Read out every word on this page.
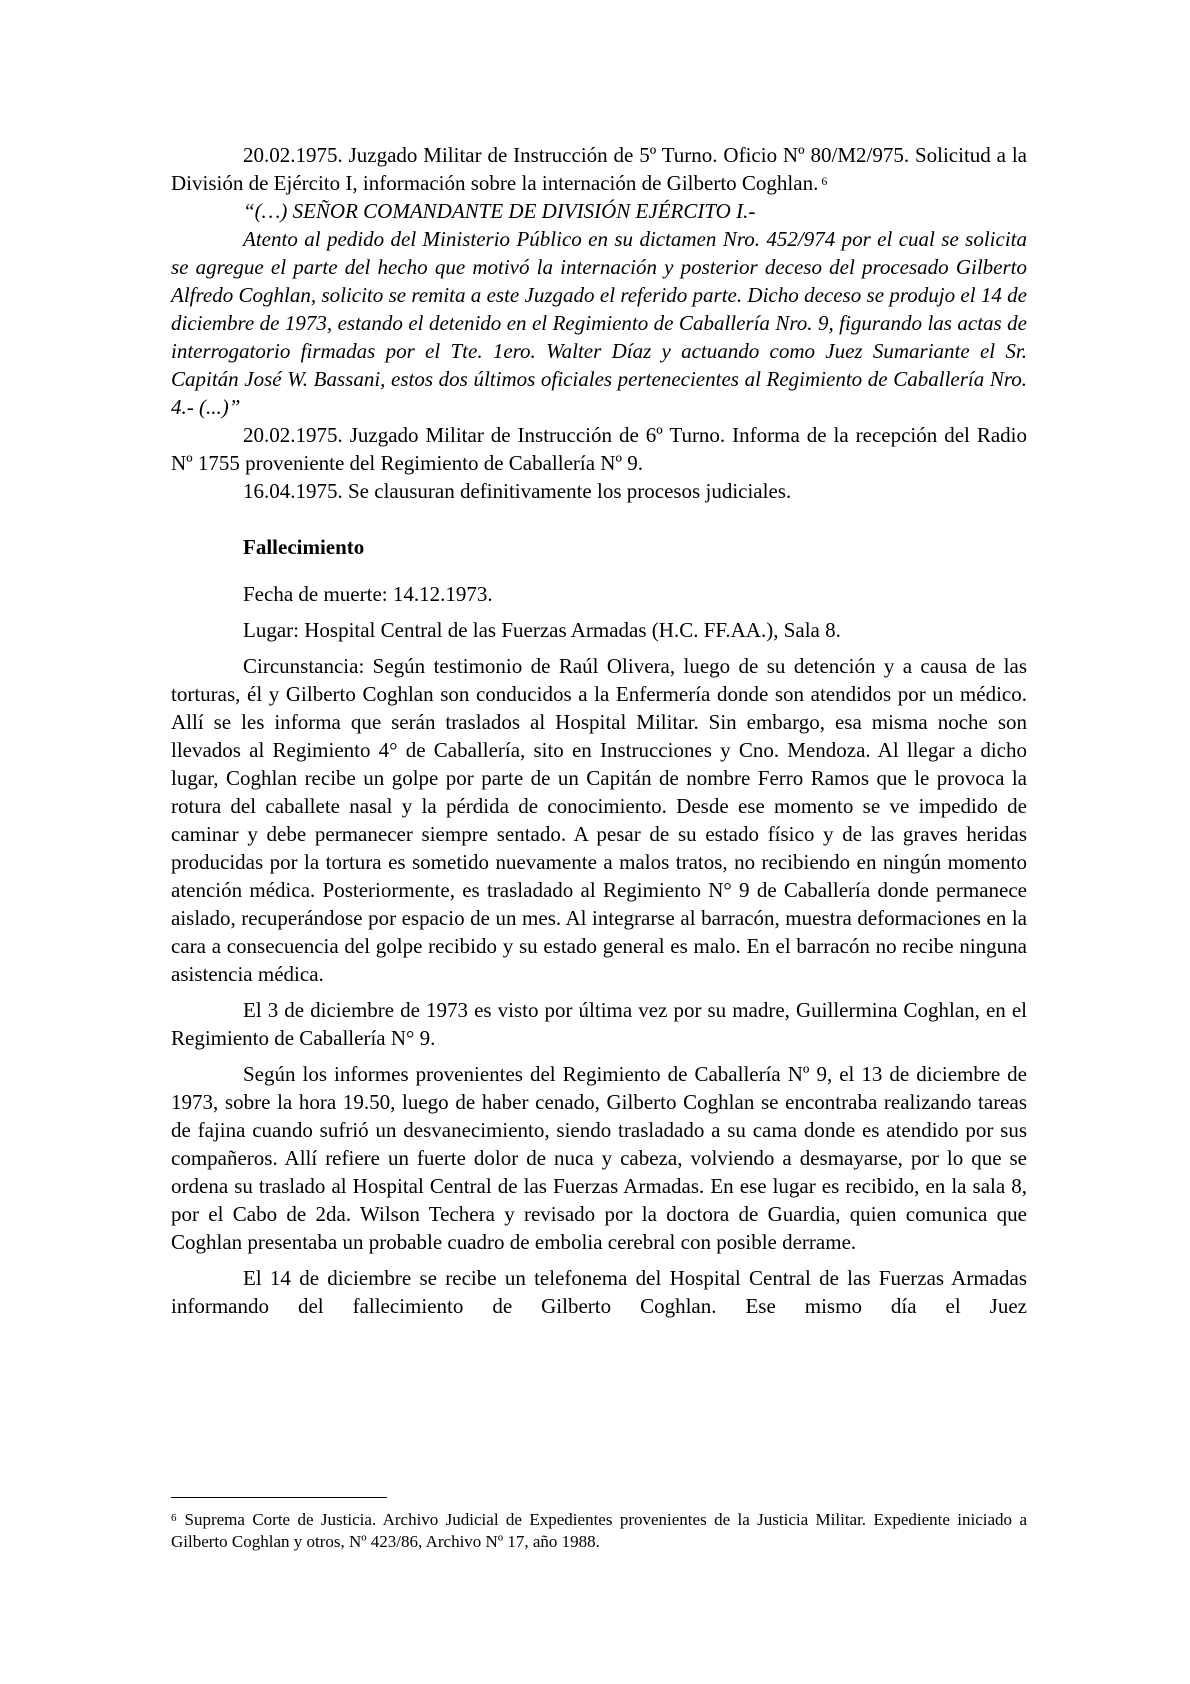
20.02.1975. Juzgado Militar de Instrucción de 5º Turno. Oficio Nº 80/M2/975. Solicitud a la División de Ejército I, información sobre la internación de Gilberto Coghlan. $^6$

“(…) SEÑOR COMANDANTE DE DIVISIÓN EJÉRCITO I.-

Atento al pedido del Ministerio Público en su dictamen Nro. 452/974 por el cual se solicita se agregue el parte del hecho que motivó la internación y posterior deceso del procesado Gilberto Alfredo Coghlan, solicito se remita a este Juzgado el referido parte. Dicho deceso se produjo el 14 de diciembre de 1973, estando el detenido en el Regimiento de Caballería Nro. 9, figurando las actas de interrogatorio firmadas por el Tte. 1ero. Walter Díaz y actuando como Juez Sumariante el Sr. Capitán José W. Bassani, estos dos últimos oficiales pertenecientes al Regimiento de Caballería Nro. 4.- (...)”

20.02.1975. Juzgado Militar de Instrucción de 6º Turno. Informa de la recepción del Radio Nº 1755 proveniente del Regimiento de Caballería Nº 9.

16.04.1975. Se clausuran definitivamente los procesos judiciales.

Fallecimiento

Fecha de muerte: 14.12.1973.

Lugar: Hospital Central de las Fuerzas Armadas (H.C. FF.AA.), Sala 8.

Circunstancia: Según testimonio de Raúl Olivera, luego de su detención y a causa de las torturas, él y Gilberto Coghlan son conducidos a la Enfermería donde son atendidos por un médico. Allí se les informa que serán traslados al Hospital Militar. Sin embargo, esa misma noche son llevados al Regimiento 4° de Caballería, sito en Instrucciones y Cno. Mendoza. Al llegar a dicho lugar, Coghlan recibe un golpe por parte de un Capitán de nombre Ferro Ramos que le provoca la rotura del caballete nasal y la pérdida de conocimiento. Desde ese momento se ve impedido de caminar y debe permanecer siempre sentado. A pesar de su estado físico y de las graves heridas producidas por la tortura es sometido nuevamente a malos tratos, no recibiendo en ningún momento atención médica. Posteriormente, es trasladado al Regimiento N° 9 de Caballería donde permanece aislado, recuperándose por espacio de un mes. Al integrarse al barracón, muestra deformaciones en la cara a consecuencia del golpe recibido y su estado general es malo. En el barracón no recibe ninguna asistencia médica.

El 3 de diciembre de 1973 es visto por última vez por su madre, Guillermina Coghlan, en el Regimiento de Caballería N° 9.

Según los informes provenientes del Regimiento de Caballería Nº 9, el 13 de diciembre de 1973, sobre la hora 19.50, luego de haber cenado, Gilberto Coghlan se encontraba realizando tareas de fajina cuando sufrió un desvanecimiento, siendo trasladado a su cama donde es atendido por sus compañeros. Allí refiere un fuerte dolor de nuca y cabeza, volviendo a desmayarse, por lo que se ordena su traslado al Hospital Central de las Fuerzas Armadas. En ese lugar es recibido, en la sala 8, por el Cabo de 2da. Wilson Techera y revisado por la doctora de Guardia, quien comunica que Coghlan presentaba un probable cuadro de embolia cerebral con posible derrame.

El 14 de diciembre se recibe un telefonema del Hospital Central de las Fuerzas Armadas informando del fallecimiento de Gilberto Coghlan. Ese mismo día el Juez

$^6$ Suprema Corte de Justicia. Archivo Judicial de Expedientes provenientes de la Justicia Militar. Expediente iniciado a Gilberto Coghlan y otros, Nº 423/86, Archivo Nº 17, año 1988.
